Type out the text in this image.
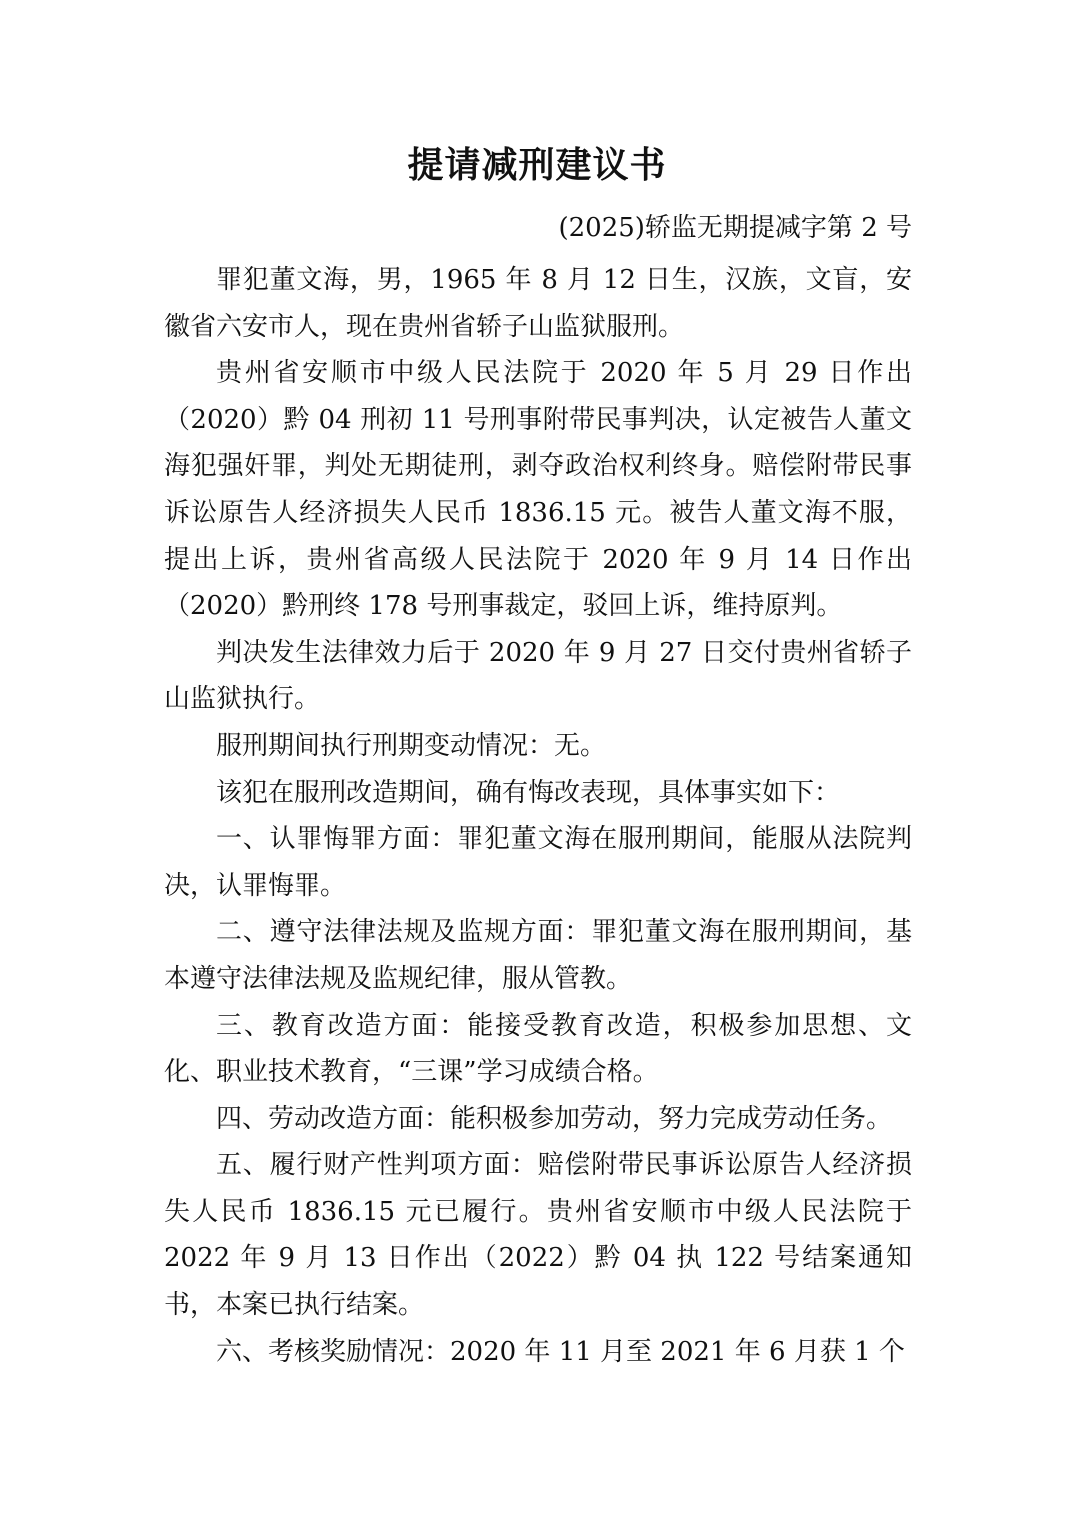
提请减刑建议书
(2025)轿监无期提减字第 2 号

罪犯董文海，男，1965 年 8 月 12 日生，汉族，文盲，安徽省六安市人，现在贵州省轿子山监狱服刑。

贵州省安顺市中级人民法院于 2020 年 5 月 29 日作出（2020）黔 04 刑初 11 号刑事附带民事判决，认定被告人董文海犯强奸罪，判处无期徒刑，剥夺政治权利终身。赔偿附带民事诉讼原告人经济损失人民币 1836.15 元。被告人董文海不服，提出上诉，贵州省高级人民法院于 2020 年 9 月 14 日作出（2020）黔刑终 178 号刑事裁定，驳回上诉，维持原判。

判决发生法律效力后于 2020 年 9 月 27 日交付贵州省轿子山监狱执行。

服刑期间执行刑期变动情况：无。

该犯在服刑改造期间，确有悔改表现，具体事实如下：

一、认罪悔罪方面：罪犯董文海在服刑期间，能服从法院判决，认罪悔罪。

二、遵守法律法规及监规方面：罪犯董文海在服刑期间，基本遵守法律法规及监规纪律，服从管教。

三、教育改造方面：能接受教育改造，积极参加思想、文化、职业技术教育，“三课”学习成绩合格。

四、劳动改造方面：能积极参加劳动，努力完成劳动任务。

五、履行财产性判项方面：赔偿附带民事诉讼原告人经济损失人民币 1836.15 元已履行。贵州省安顺市中级人民法院于 2022 年 9 月 13 日作出（2022）黔 04 执 122 号结案通知书，本案已执行结案。

六、考核奖励情况：2020 年 11 月至 2021 年 6 月获 1 个
